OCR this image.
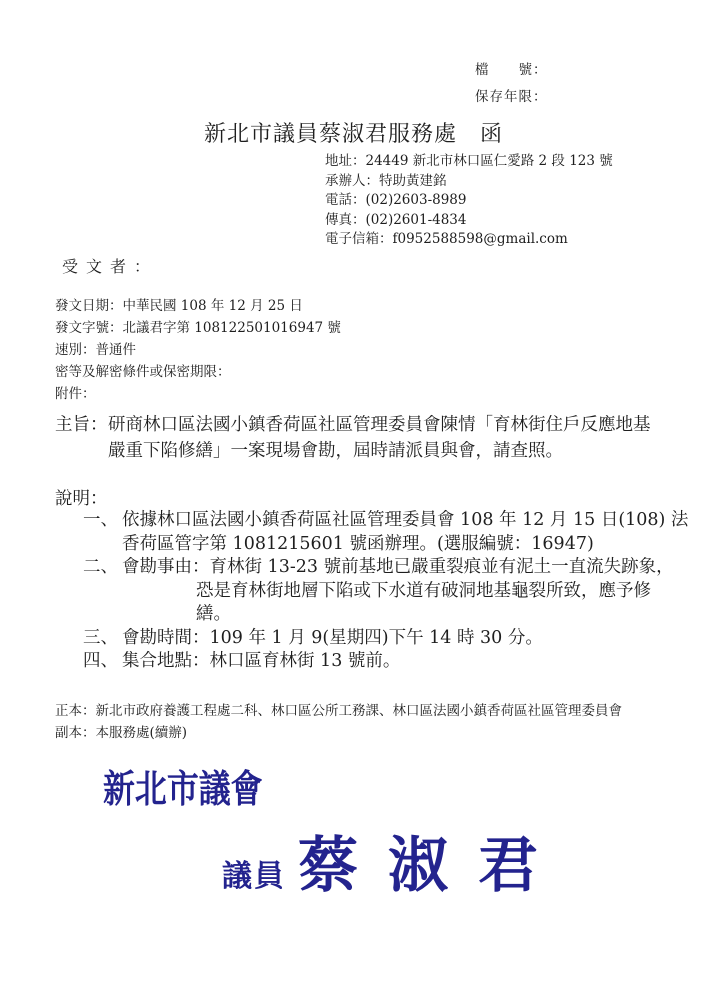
檔　　號：
保存年限：
新北市議員蔡淑君服務處　函
地址：24449 新北市林口區仁愛路 2 段 123 號
承辦人：特助黃建銘
電話：(02)2603-8989
傳真：(02)2601-4834
電子信箱：f0952588598@gmail.com
受文者：
發文日期：中華民國 108 年 12 月 25 日
發文字號：北議君字第 108122501016947 號
速別：普通件
密等及解密條件或保密期限：
附件：
主旨： 研商林口區法國小鎮香荷區社區管理委員會陳情「育林街住戶反應地基
嚴重下陷修繕」一案現場會勘，屆時請派員與會，請查照。
說明：
一、 依據林口區法國小鎮香荷區社區管理委員會 108 年 12 月 15 日(108) 法
香荷區管字第 1081215601 號函辦理。(選服編號：16947)
二、 會勘事由：育林街 13-23 號前基地已嚴重裂痕並有泥土一直流失跡象，
恐是育林街地層下陷或下水道有破洞地基龜裂所致，應予修
繕。
三、 會勘時間：109 年 1 月 9(星期四)下午 14 時 30 分。
四、 集合地點：林口區育林街 13 號前。
正本：新北市政府養護工程處二科、林口區公所工務課、林口區法國小鎮香荷區社區管理委員會
副本：本服務處(續辦)
新北市議會
議員 蔡淑君
